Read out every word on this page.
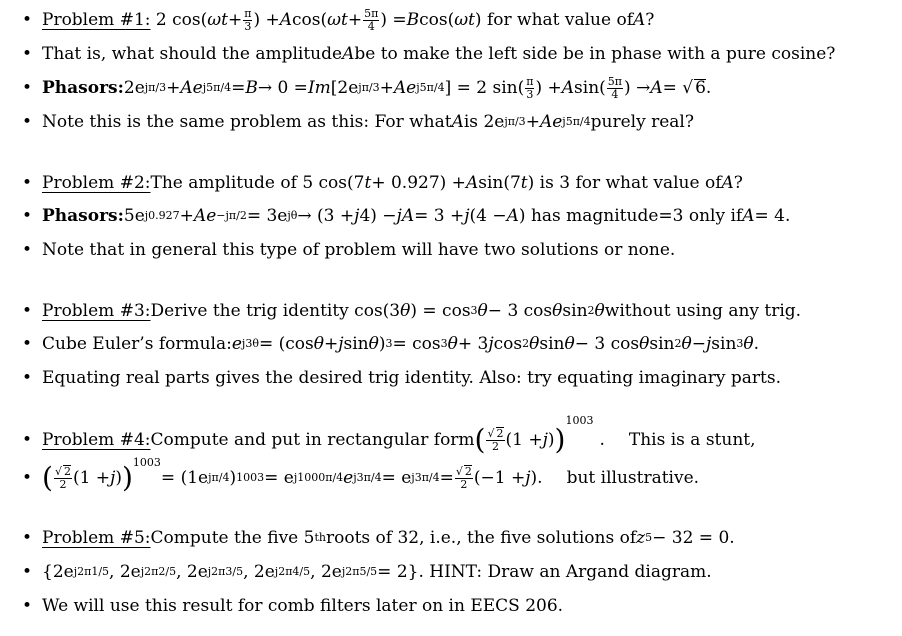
• Problem #1:
2 cos( $\omega t + \frac{\pi}{3}$ ) + A cos( $\omega t + \frac{5\pi}{4}$ ) = B cos( ωt ) for what value of A ?
• That is, what should the amplitude A be to make the left side be in phase with a pure cosine?
• Phasors: 2e jπ/3 + Ae j5π/4 = B → 0 = Im [2e jπ/3 + Ae j5π/4 ] = 2 $\sin( \frac{\pi}{3}$ ) + A $\sin( \frac{5\pi}{4}$ ) → A = √ 6 .
• Note this is the same problem as this: For what A is 2e jπ/3 + Ae j5π/4 purely real?
• Problem #2: The amplitude of 5 cos(7 t + 0.927) + A sin(7 t ) is 3 for what value of A ?
• Phasors: 5e j0.927 + Ae −jπ/2 = 3e jθ → (3 + j 4) − jA = 3 + j (4 − A ) has magnitude=3 only if A = 4.
• Note that in general this type of problem will have two solutions or none.
• Problem #3: Derive the trig identity cos(3 θ ) = cos 3 θ − 3 cos θ sin 2 θ without using any trig.
• Cube Euler’s formula: e j3θ = (cos θ + j sin θ ) 3 = cos 3 θ + 3 j cos 2 θ sin θ − 3 cos θ sin 2 θ − j sin 3 θ .
• Equating real parts gives the desired trig identity. Also: try equating imaginary parts.
• Problem #4: Compute and put in rectangular form ( $\frac{√ 2}{2} (1 + j$ ) )
1003
. This is a stunt,
• ( $\frac{√ 2}{2} (1 + j$ ) ) 1003
= (1e jπ/4 ) 1003 = e j1000π/4 e j3π/4 = e $j3\pi/4 = \frac{√ 2}{2} (-1 + j$ ). but illustrative.
• Problem #5: Compute the five 5 th roots of 32, i.e., the five solutions of z 5 − 32 = 0.
• {2e j2π1/5 , 2e j2π2/5 , 2e j2π3/5 , 2e j2π4/5 , 2e j2π5/5 = 2}. HINT: Draw an Argand diagram.
• We will use this result for comb filters later on in EECS 206.
